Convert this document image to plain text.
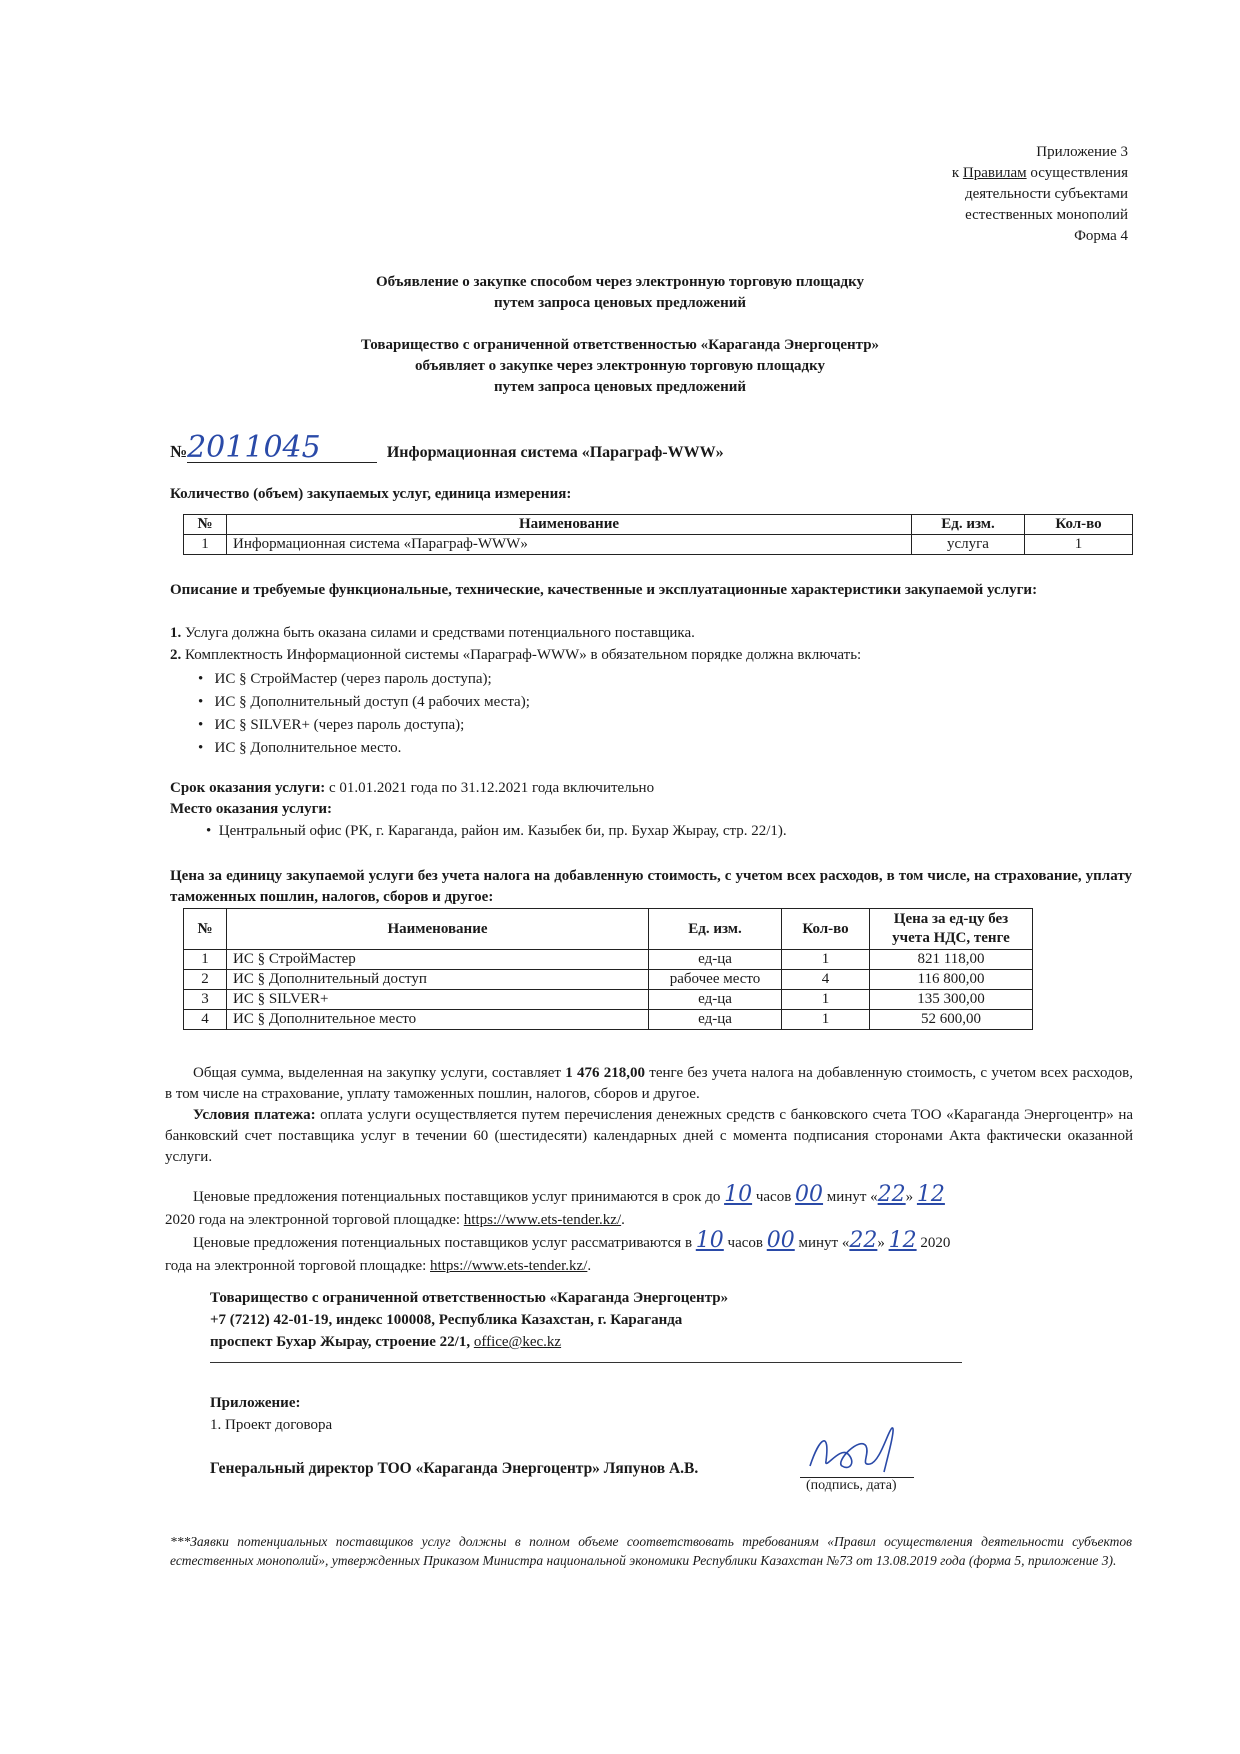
Приложение 3
к Правилам осуществления
деятельности субъектами
естественных монополий
Форма 4
Объявление о закупке способом через электронную торговую площадку
путем запроса ценовых предложений
Товарищество с ограниченной ответственностью «Караганда Энергоцентр»
объявляет о закупке через электронную торговую площадку
путем запроса ценовых предложений
№2011045	Информационная система «Параграф-WWW»
Количество (объем) закупаемых услуг, единица измерения:
№	Наименование	Ед. изм.	Кол-во
1	Информационная система «Параграф-WWW»	услуга	1
Описание и требуемые функциональные, технические, качественные и эксплуатационные характеристики закупаемой услуги:
1. Услуга должна быть оказана силами и средствами потенциального поставщика.
2. Комплектность Информационной системы «Параграф-WWW» в обязательном порядке должна включать:
•   ИС § СтройМастер (через пароль доступа);
•   ИС § Дополнительный доступ (4 рабочих места);
•   ИС § SILVER+ (через пароль доступа);
•   ИС § Дополнительное место.
Срок оказания услуги: с 01.01.2021 года по 31.12.2021 года включительно
Место оказания услуги:
•  Центральный офис (РК, г. Караганда, район им. Казыбек би, пр. Бухар Жырау, стр. 22/1).
Цена за единицу закупаемой услуги без учета налога на добавленную стоимость, с учетом всех расходов, в том числе, на страхование, уплату таможенных пошлин, налогов, сборов и другое:
№	Наименование	Ед. изм.	Кол-во	Цена за ед-цу без учета НДС, тенге
1	ИС § СтройМастер	ед-ца	1	821 118,00
2	ИС § Дополнительный доступ	рабочее место	4	116 800,00
3	ИС § SILVER+	ед-ца	1	135 300,00
4	ИС § Дополнительное место	ед-ца	1	52 600,00
Общая сумма, выделенная на закупку услуги, составляет 1 476 218,00 тенге без учета налога на добавленную стоимость, с учетом всех расходов, в том числе на страхование, уплату таможенных пошлин, налогов, сборов и другое.
Условия платежа: оплата услуги осуществляется путем перечисления денежных средств с банковского счета ТОО «Караганда Энергоцентр» на банковский счет поставщика услуг в течении 60 (шестидесяти) календарных дней с момента подписания сторонами Акта фактически оказанной услуги.
Ценовые предложения потенциальных поставщиков услуг принимаются в срок до 10 часов 00 минут «22» 12
2020 года на электронной торговой площадке: https://www.ets-tender.kz/.
Ценовые предложения потенциальных поставщиков услуг рассматриваются в 10 часов 00 минут «22» 12 2020
года на электронной торговой площадке: https://www.ets-tender.kz/.
Товарищество с ограниченной ответственностью «Караганда Энергоцентр»
+7 (7212) 42-01-19, индекс 100008, Республика Казахстан, г. Караганда
проспект Бухар Жырау, строение 22/1, office@kec.kz
Приложение:
1. Проект договора
Генеральный директор ТОО «Караганда Энергоцентр» Ляпунов А.В.
(подпись, дата)
***Заявки потенциальных поставщиков услуг должны в полном объеме соответствовать требованиям «Правил осуществления деятельности субъектов естественных монополий», утвержденных Приказом Министра национальной экономики Республики Казахстан №73 от 13.08.2019 года (форма 5, приложение 3).
